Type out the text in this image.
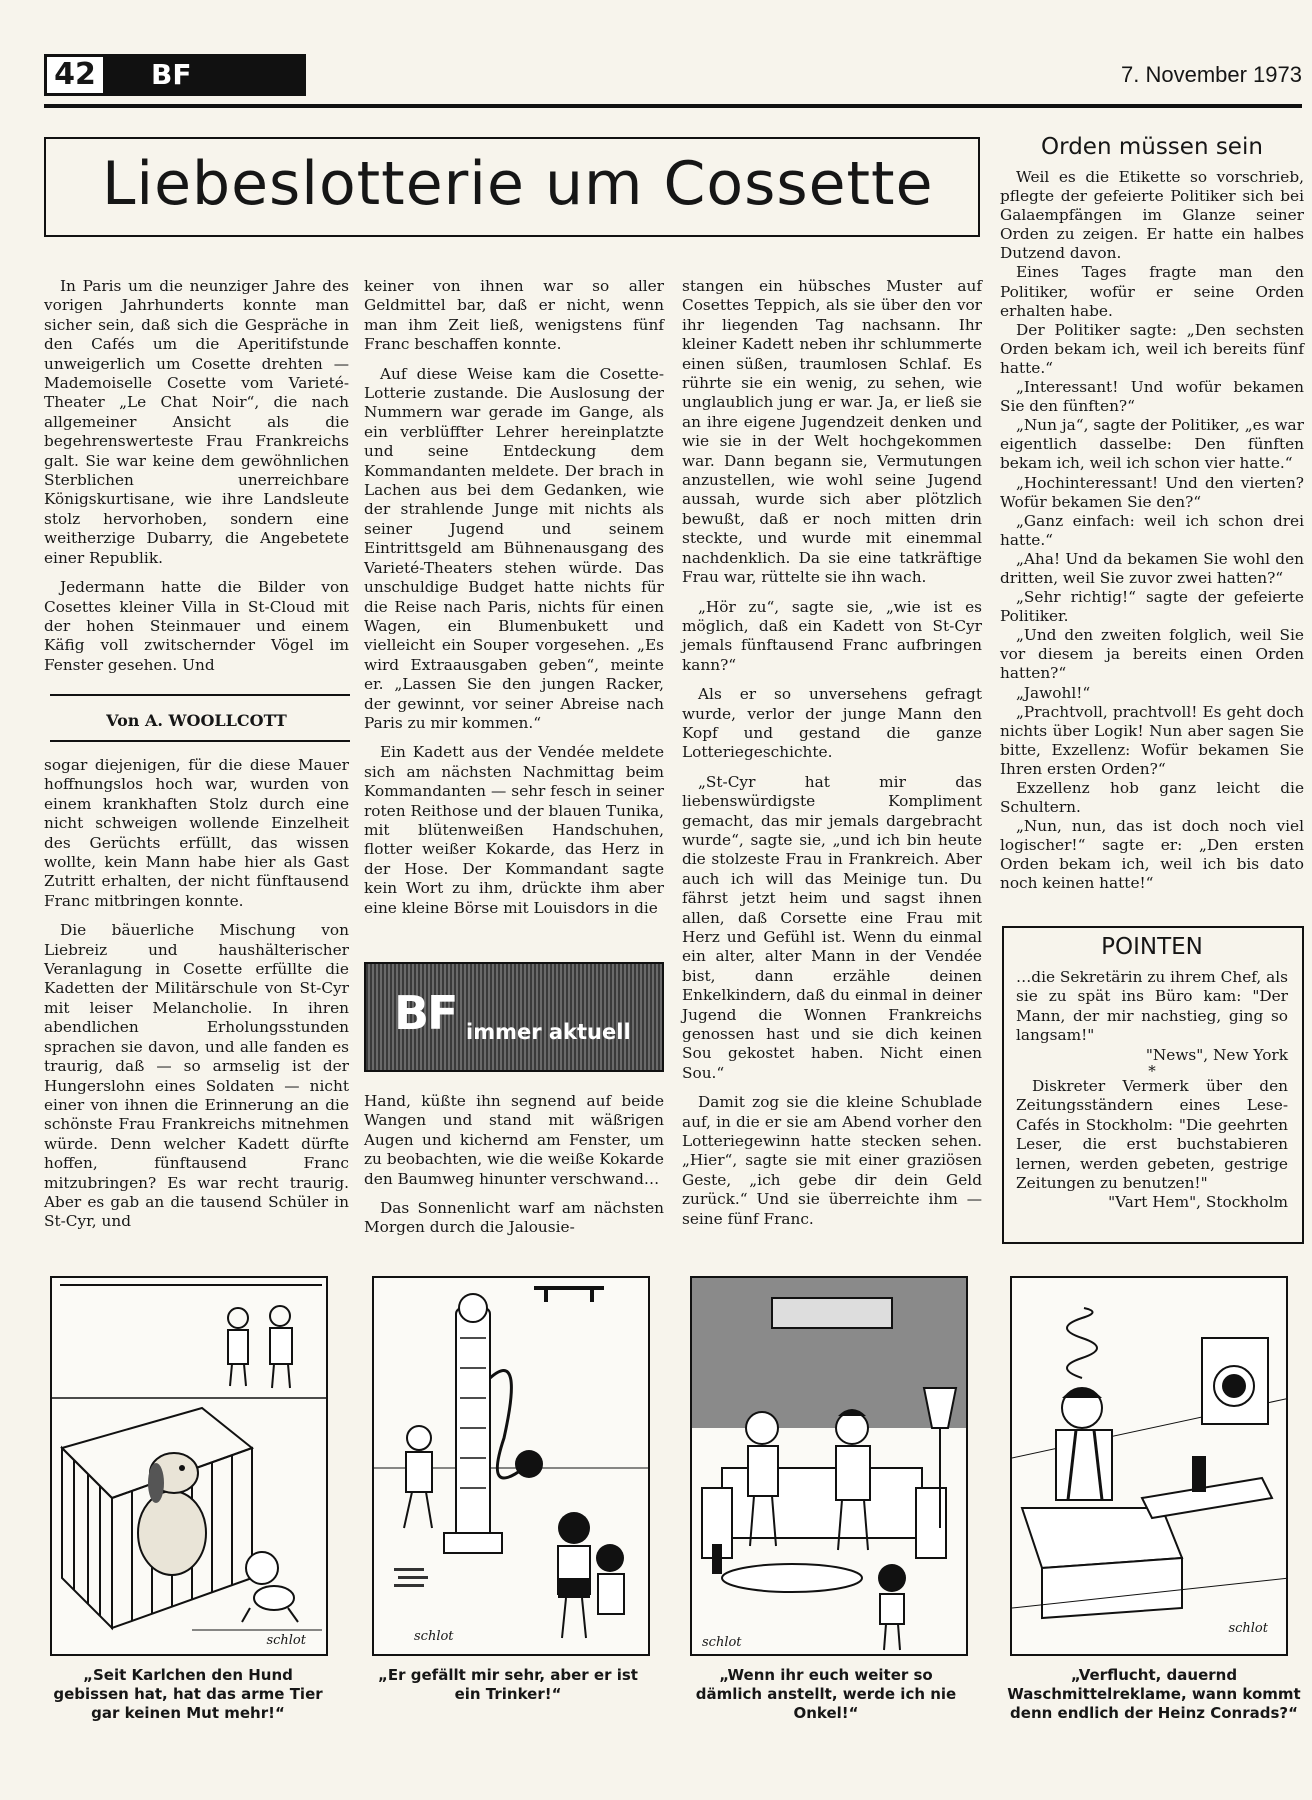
42	BF	7. November 1973
Liebeslotterie um Cossette

In Paris um die neunziger Jahre des vorigen Jahrhunderts konnte man sicher sein, daß sich die Gespräche in den Cafés um die Aperitifstunde unweigerlich um Cosette drehten — Mademoiselle Cosette vom Varieté-Theater „Le Chat Noir“, die nach allgemeiner Ansicht als die begehrenswerteste Frau Frankreichs galt. Sie war keine dem gewöhnlichen Sterblichen unerreichbare Königskurtisane, wie ihre Landsleute stolz hervorhoben, sondern eine weitherzige Dubarry, die Angebetete einer Republik.

Jedermann hatte die Bilder von Cosettes kleiner Villa in St-Cloud mit der hohen Steinmauer und einem Käfig voll zwitschernder Vögel im Fenster gesehen. Und

Von A. WOOLLCOTT

sogar diejenigen, für die diese Mauer hoffnungslos hoch war, wurden von einem krankhaften Stolz durch eine nicht schweigen wollende Einzelheit des Gerüchts erfüllt, das wissen wollte, kein Mann habe hier als Gast Zutritt erhalten, der nicht fünftausend Franc mitbringen konnte.

Die bäuerliche Mischung von Liebreiz und haushälterischer Veranlagung in Cosette erfüllte die Kadetten der Militärschule von St-Cyr mit leiser Melancholie. In ihren abendlichen Erholungsstunden sprachen sie davon, und alle fanden es traurig, daß — so armselig ist der Hungerslohn eines Soldaten — nicht einer von ihnen die Erinnerung an die schönste Frau Frankreichs mitnehmen würde. Denn welcher Kadett dürfte hoffen, fünftausend Franc mitzubringen? Es war recht traurig. Aber es gab an die tausend Schüler in St-Cyr, und

keiner von ihnen war so aller Geldmittel bar, daß er nicht, wenn man ihm Zeit ließ, wenigstens fünf Franc beschaffen konnte.

Auf diese Weise kam die Cosette-Lotterie zustande. Die Auslosung der Nummern war gerade im Gange, als ein verblüffter Lehrer hereinplatzte und seine Entdeckung dem Kommandanten meldete. Der brach in Lachen aus bei dem Gedanken, wie der strahlende Junge mit nichts als seiner Jugend und seinem Eintrittsgeld am Bühnenausgang des Varieté-Theaters stehen würde. Das unschuldige Budget hatte nichts für die Reise nach Paris, nichts für einen Wagen, ein Blumenbukett und vielleicht ein Souper vorgesehen. „Es wird Extraausgaben geben“, meinte er. „Lassen Sie den jungen Racker, der gewinnt, vor seiner Abreise nach Paris zu mir kommen.“

Ein Kadett aus der Vendée meldete sich am nächsten Nachmittag beim Kommandanten — sehr fesch in seiner roten Reithose und der blauen Tunika, mit blütenweißen Handschuhen, flotter weißer Kokarde, das Herz in der Hose. Der Kommandant sagte kein Wort zu ihm, drückte ihm aber eine kleine Börse mit Louisdors in die

BF immer aktuell

Hand, küßte ihn segnend auf beide Wangen und stand mit wäßrigen Augen und kichernd am Fenster, um zu beobachten, wie die weiße Kokarde den Baumweg hinunter verschwand…

Das Sonnenlicht warf am nächsten Morgen durch die Jalousie-

stangen ein hübsches Muster auf Cosettes Teppich, als sie über den vor ihr liegenden Tag nachsann. Ihr kleiner Kadett neben ihr schlummerte einen süßen, traumlosen Schlaf. Es rührte sie ein wenig, zu sehen, wie unglaublich jung er war. Ja, er ließ sie an ihre eigene Jugendzeit denken und wie sie in der Welt hochgekommen war. Dann begann sie, Vermutungen anzustellen, wie wohl seine Jugend aussah, wurde sich aber plötzlich bewußt, daß er noch mitten drin steckte, und wurde mit einemmal nachdenklich. Da sie eine tatkräftige Frau war, rüttelte sie ihn wach.

„Hör zu“, sagte sie, „wie ist es möglich, daß ein Kadett von St-Cyr jemals fünftausend Franc aufbringen kann?“

Als er so unversehens gefragt wurde, verlor der junge Mann den Kopf und gestand die ganze Lotteriegeschichte.

„St-Cyr hat mir das liebenswürdigste Kompliment gemacht, das mir jemals dargebracht wurde“, sagte sie, „und ich bin heute die stolzeste Frau in Frankreich. Aber auch ich will das Meinige tun. Du fährst jetzt heim und sagst ihnen allen, daß Corsette eine Frau mit Herz und Gefühl ist. Wenn du einmal ein alter, alter Mann in der Vendée bist, dann erzähle deinen Enkelkindern, daß du einmal in deiner Jugend die Wonnen Frankreichs genossen hast und sie dich keinen Sou gekostet haben. Nicht einen Sou.“

Damit zog sie die kleine Schublade auf, in die er sie am Abend vorher den Lotteriegewinn hatte stecken sehen. „Hier“, sagte sie mit einer graziösen Geste, „ich gebe dir dein Geld zurück.“ Und sie überreichte ihm — seine fünf Franc.

Orden müssen sein

Weil es die Etikette so vorschrieb, pflegte der gefeierte Politiker sich bei Galaempfängen im Glanze seiner Orden zu zeigen. Er hatte ein halbes Dutzend davon.

Eines Tages fragte man den Politiker, wofür er seine Orden erhalten habe.

Der Politiker sagte: „Den sechsten Orden bekam ich, weil ich bereits fünf hatte.“

„Interessant! Und wofür bekamen Sie den fünften?“

„Nun ja“, sagte der Politiker, „es war eigentlich dasselbe: Den fünften bekam ich, weil ich schon vier hatte.“

„Hochinteressant! Und den vierten? Wofür bekamen Sie den?“

„Ganz einfach: weil ich schon drei hatte.“

„Aha! Und da bekamen Sie wohl den dritten, weil Sie zuvor zwei hatten?“

„Sehr richtig!“ sagte der gefeierte Politiker.

„Und den zweiten folglich, weil Sie vor diesem ja bereits einen Orden hatten?“

„Jawohl!“

„Prachtvoll, prachtvoll! Es geht doch nichts über Logik! Nun aber sagen Sie bitte, Exzellenz: Wofür bekamen Sie Ihren ersten Orden?“

Exzellenz hob ganz leicht die Schultern.

„Nun, nun, das ist doch noch viel logischer!“ sagte er: „Den ersten Orden bekam ich, weil ich bis dato noch keinen hatte!“

POINTEN
…die Sekretärin zu ihrem Chef, als sie zu spät ins Büro kam: "Der Mann, der mir nachstieg, ging so langsam!"
"News", New York
*
Diskreter Vermerk über den Zeitungsständern eines Lese-Cafés in Stockholm: "Die geehrten Leser, die erst buchstabieren lernen, werden gebeten, gestrige Zeitungen zu benutzen!"
"Vart Hem", Stockholm
schlot
„Seit Karlchen den Hund gebissen hat, hat das arme Tier gar keinen Mut mehr!“
schlot
„Er gefällt mir sehr, aber er ist ein Trinker!“
schlot
„Wenn ihr euch weiter so dämlich anstellt, werde ich nie Onkel!“
schlot
„Verflucht, dauernd Waschmittelreklame, wann kommt denn endlich der Heinz Conrads?“
